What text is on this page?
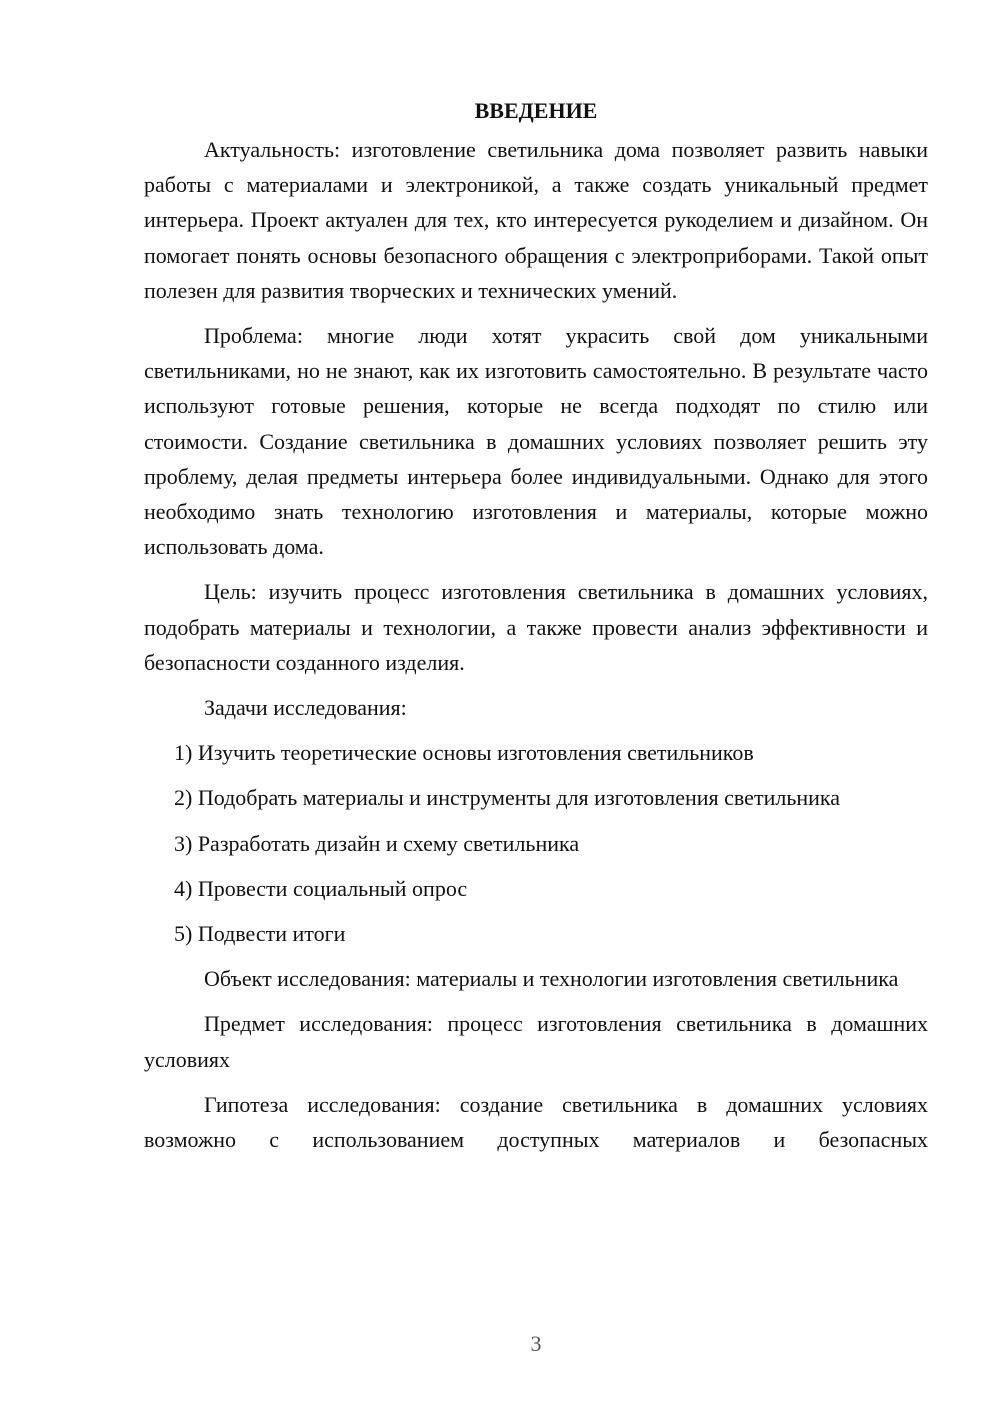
ВВЕДЕНИЕ

Актуальность: изготовление светильника дома позволяет развить навыки работы с материалами и электроникой, а также создать уникальный предмет интерьера. Проект актуален для тех, кто интересуется рукоделием и дизайном. Он помогает понять основы безопасного обращения с электроприборами. Такой опыт полезен для развития творческих и технических умений.

Проблема: многие люди хотят украсить свой дом уникальными светильниками, но не знают, как их изготовить самостоятельно. В результате часто используют готовые решения, которые не всегда подходят по стилю или стоимости. Создание светильника в домашних условиях позволяет решить эту проблему, делая предметы интерьера более индивидуальными. Однако для этого необходимо знать технологию изготовления и материалы, которые можно использовать дома.

Цель: изучить процесс изготовления светильника в домашних условиях, подобрать материалы и технологии, а также провести анализ эффективности и безопасности созданного изделия.

Задачи исследования:

1) Изучить теоретические основы изготовления светильников

2) Подобрать материалы и инструменты для изготовления светильника

3) Разработать дизайн и схему светильника

4) Провести социальный опрос

5) Подвести итоги

Объект исследования: материалы и технологии изготовления светильника

Предмет исследования: процесс изготовления светильника в домашних условиях

Гипотеза исследования: создание светильника в домашних условиях возможно с использованием доступных материалов и безопасных

3
